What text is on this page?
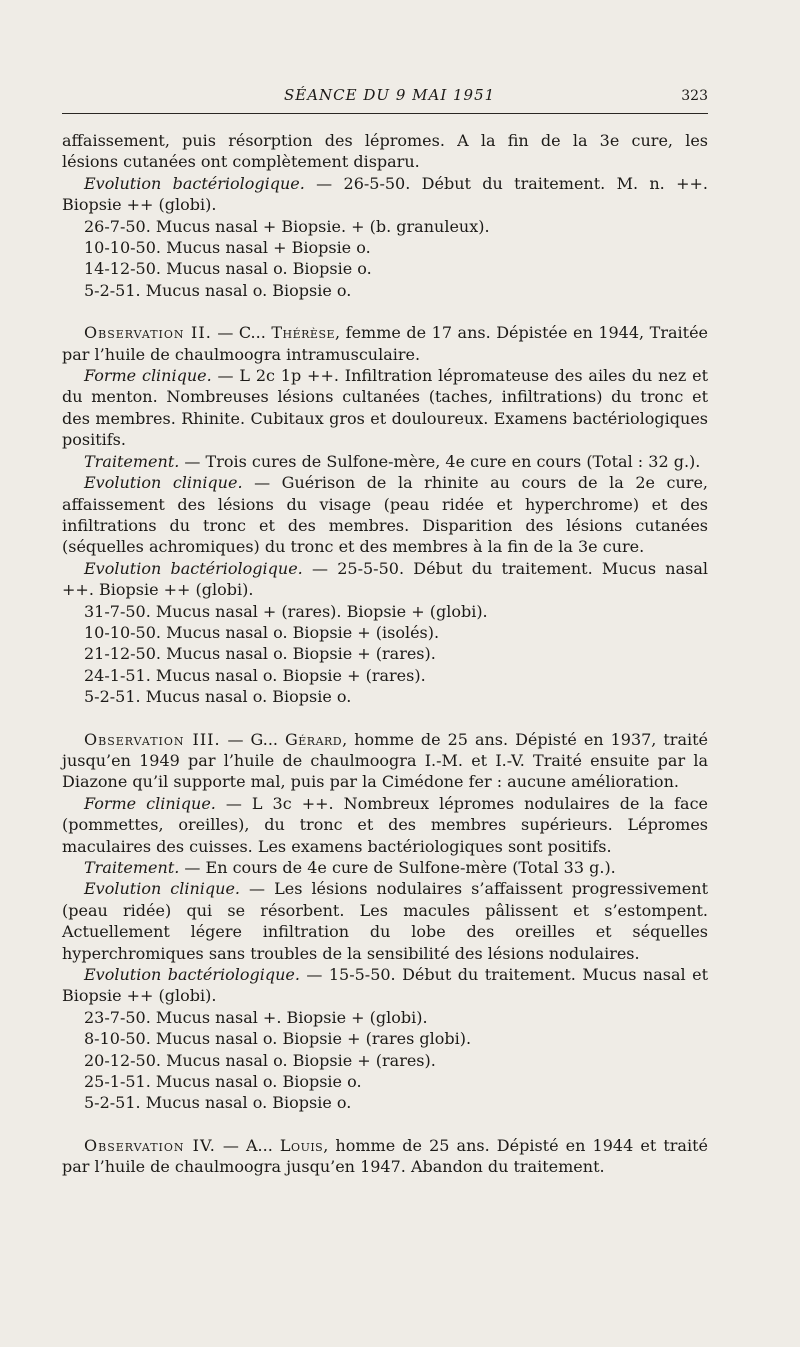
SÉANCE DU 9 MAI 1951	323

affaissement, puis résorption des lépromes. A la fin de la 3e cure, les

lésions cutanées ont complètement disparu.

Evolution bactériologique. — 26-5-50. Début du traitement. M. n. ++. Biopsie ++ (globi).

26-7-50. Mucus nasal + Biopsie. + (b. granuleux).

10-10-50. Mucus nasal + Biopsie o.

14-12-50. Mucus nasal o. Biopsie o.

5-2-51. Mucus nasal o. Biopsie o.

Observation II. — C... Thérèse, femme de 17 ans. Dépistée en 1944, Traitée par l’huile de chaulmoogra intramusculaire.

Forme clinique. — L 2c 1p ++. Infiltration lépromateuse des ailes du nez et du menton. Nombreuses lésions cultanées (taches, infiltrations) du tronc et des membres. Rhinite. Cubitaux gros et douloureux. Examens bactériologiques positifs.

Traitement. — Trois cures de Sulfone-mère, 4e cure en cours (Total : 32 g.).

Evolution clinique. — Guérison de la rhinite au cours de la 2e cure, affaissement des lésions du visage (peau ridée et hyperchrome) et des infiltrations du tronc et des membres. Disparition des lésions cutanées (séquelles achromiques) du tronc et des membres à la fin de la 3e cure.

Evolution bactériologique. — 25-5-50. Début du traitement. Mucus nasal ++. Biopsie ++ (globi).

31-7-50. Mucus nasal + (rares). Biopsie + (globi).

10-10-50. Mucus nasal o. Biopsie + (isolés).

21-12-50. Mucus nasal o. Biopsie + (rares).

24-1-51. Mucus nasal o. Biopsie + (rares).

5-2-51. Mucus nasal o. Biopsie o.

Observation III. — G... Gérard, homme de 25 ans. Dépisté en 1937, traité jusqu’en 1949 par l’huile de chaulmoogra I.-M. et I.-V. Traité ensuite par la Diazone qu’il supporte mal, puis par la Cimédone fer : aucune amélioration.

Forme clinique. — L 3c ++. Nombreux lépromes nodulaires de la face (pommettes, oreilles), du tronc et des membres supérieurs. Lépromes maculaires des cuisses. Les examens bactériologiques sont positifs.

Traitement. — En cours de 4e cure de Sulfone-mère (Total 33 g.).

Evolution clinique. — Les lésions nodulaires s’affaissent progressivement (peau ridée) qui se résorbent. Les macules pâlissent et s’estompent. Actuellement légere infiltration du lobe des oreilles et séquelles hyperchromiques sans troubles de la sensibilité des lésions nodulaires.

Evolution bactériologique. — 15-5-50. Début du traitement. Mucus nasal et Biopsie ++ (globi).

23-7-50. Mucus nasal +. Biopsie + (globi).

8-10-50. Mucus nasal o. Biopsie + (rares globi).

20-12-50. Mucus nasal o. Biopsie + (rares).

25-1-51. Mucus nasal o. Biopsie o.

5-2-51. Mucus nasal o. Biopsie o.

Observation IV. — A... Louis, homme de 25 ans. Dépisté en 1944 et traité par l’huile de chaulmoogra jusqu’en 1947. Abandon du traitement.
